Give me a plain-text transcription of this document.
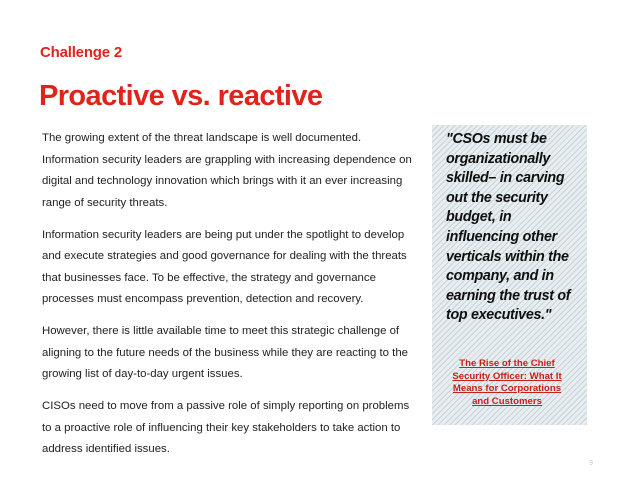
Challenge 2
Proactive vs. reactive

The growing extent of the threat landscape is well documented. Information security leaders are grappling with increasing dependence on digital and technology innovation which brings with it an ever increasing range of security threats.

Information security leaders are being put under the spotlight to develop and execute strategies and good governance for dealing with the threats that businesses face. To be effective, the strategy and governance processes must encompass prevention, detection and recovery.

However, there is little available time to meet this strategic challenge of aligning to the future needs of the business while they are reacting to the growing list of day-to-day urgent issues.

CISOs need to move from a passive role of simply reporting on problems to a proactive role of influencing their key stakeholders to take action to address identified issues.

"CSOs must be organizationally skilled– in carving out the security budget, in influencing other verticals within the company, and in earning the trust of top executives."
The Rise of the Chief Security Officer: What It Means for Corporations and Customers
9
